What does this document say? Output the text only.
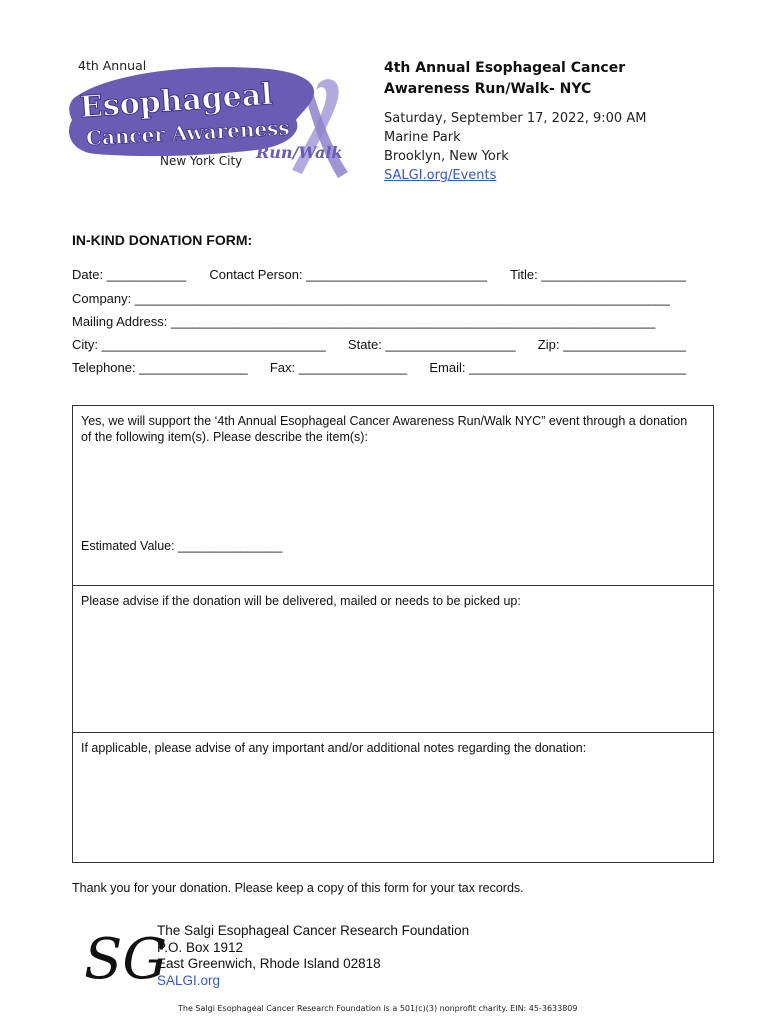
Esophageal
Cancer Awareness
Run/Walk
4th Annual
New York City
4th Annual Esophageal Cancer Awareness Run/Walk- NYC
Saturday, September 17, 2022, 9:00 AM
Marine Park
Brooklyn, New York
SALGI.org/Events
IN-KIND DONATION FORM:
Date: ___________ Contact Person: _________________________ Title: ____________________
Company: __________________________________________________________________________
Mailing Address: ___________________________________________________________________
City: _______________________________ State: __________________ Zip: _________________
Telephone: _______________ Fax: _______________ Email: ______________________________
Yes, we will support the ‘4th Annual Esophageal Cancer Awareness Run/Walk NYC” event through a donation of the following item(s). Please describe the item(s):
Estimated Value: _______________
Please advise if the donation will be delivered, mailed or needs to be picked up:
If applicable, please advise of any important and/or additional notes regarding the donation:
Thank you for your donation. Please keep a copy of this form for your tax records.
SG
The Salgi Esophageal Cancer Research Foundation
P.O. Box 1912
East Greenwich, Rhode Island 02818
SALGI.org
The Salgi Esophageal Cancer Research Foundation is a 501(c)(3) nonprofit charity. EIN: 45-3633809
